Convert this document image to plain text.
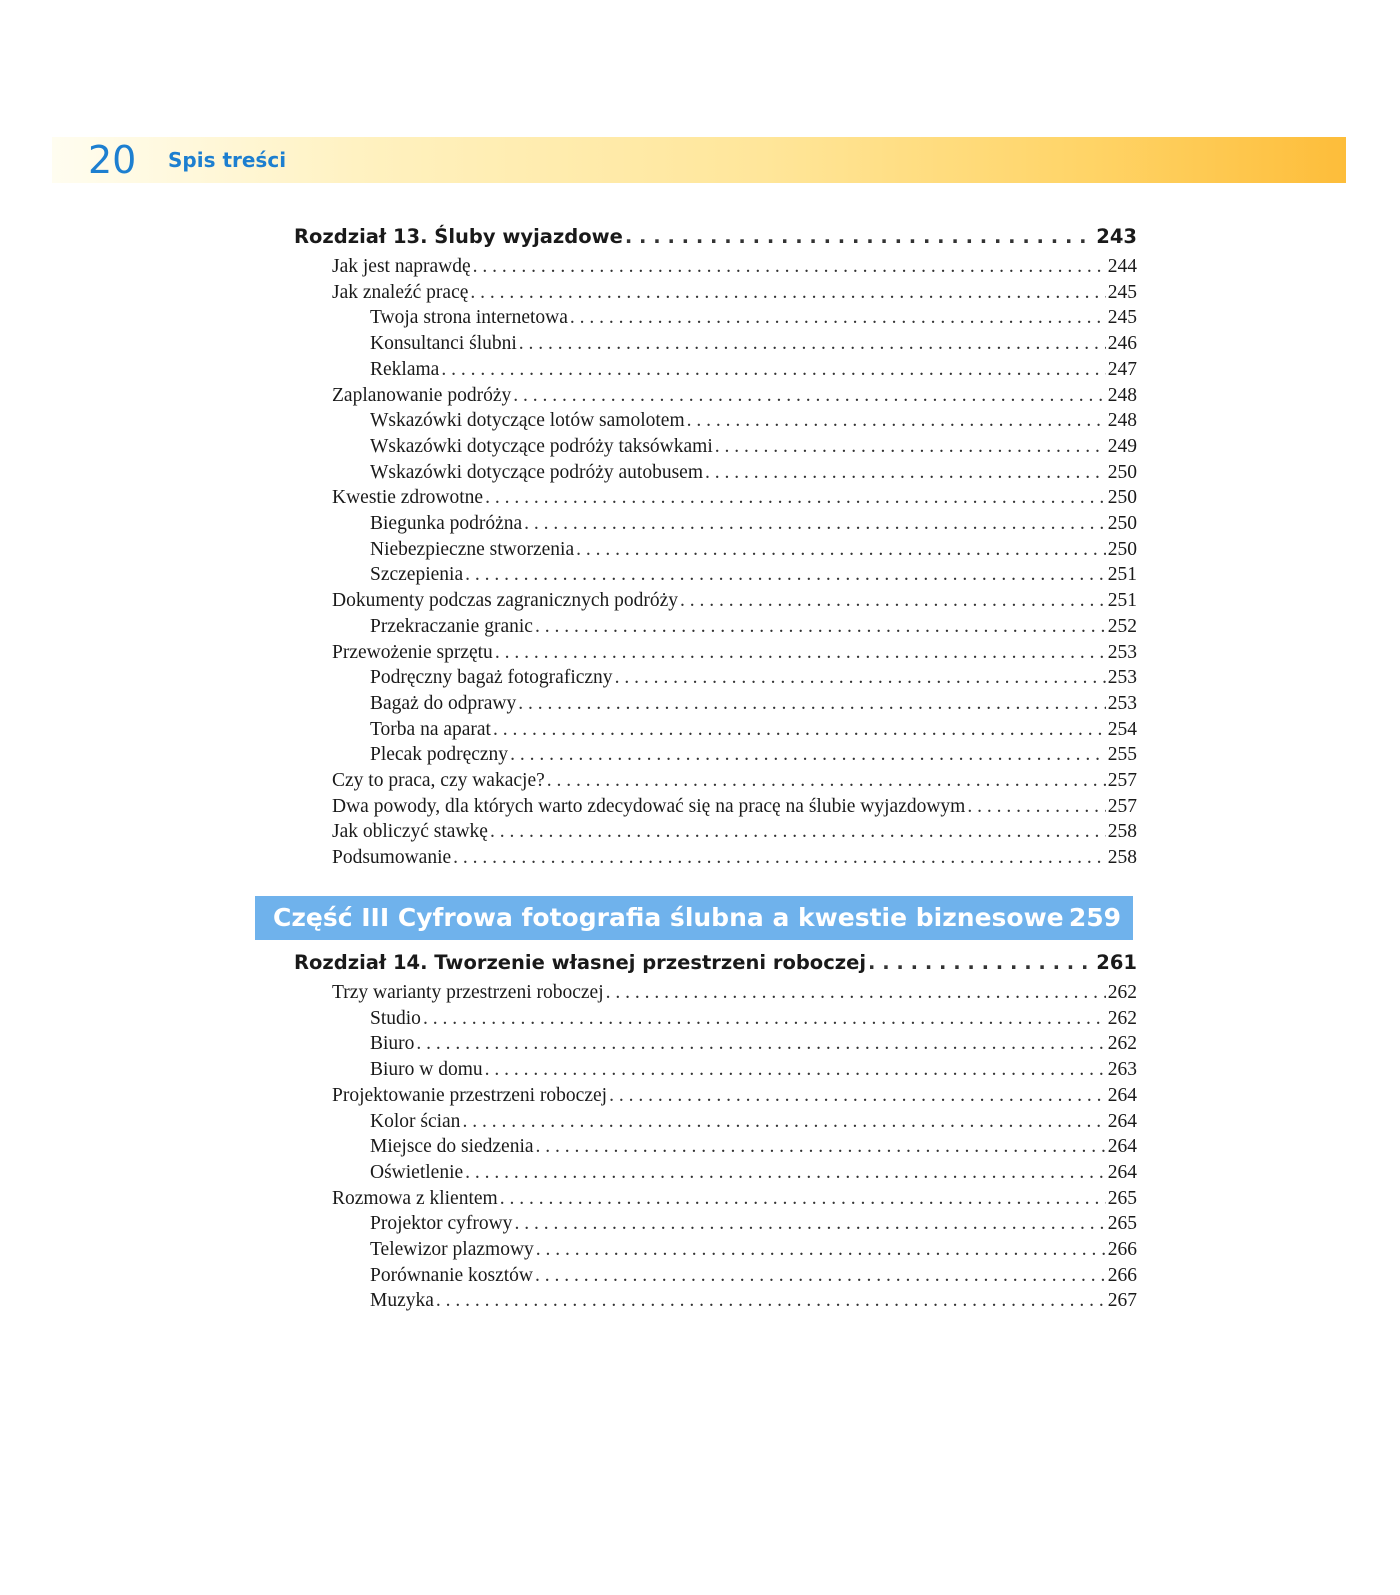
20 Spis treści
Rozdział 13. Śluby wyjazdowe . . .	243
Jak jest naprawdę . . .	244
Jak znaleźć pracę . . .	245
Twoja strona internetowa . . .	245
Konsultanci ślubni . . .	246
Reklama . . .	247
Zaplanowanie podróży . . .	248
Wskazówki dotyczące lotów samolotem . . .	248
Wskazówki dotyczące podróży taksówkami . . .	249
Wskazówki dotyczące podróży autobusem . . .	250
Kwestie zdrowotne . . .	250
Biegunka podróżna . . .	250
Niebezpieczne stworzenia . . .	250
Szczepienia . . .	251
Dokumenty podczas zagranicznych podróży . . .	251
Przekraczanie granic . . .	252
Przewożenie sprzętu . . .	253
Podręczny bagaż fotograficzny . . .	253
Bagaż do odprawy . . .	253
Torba na aparat . . .	254
Plecak podręczny . . .	255
Czy to praca, czy wakacje? . . .	257
Dwa powody, dla których warto zdecydować się na pracę na ślubie wyjazdowym . . .	257
Jak obliczyć stawkę . . .	258
Podsumowanie . . .	258
Część III Cyfrowa fotografia ślubna a kwestie biznesowe 259
Rozdział 14. Tworzenie własnej przestrzeni roboczej . . .	261
Trzy warianty przestrzeni roboczej . . .	262
Studio . . .	262
Biuro . . .	262
Biuro w domu . . .	263
Projektowanie przestrzeni roboczej . . .	264
Kolor ścian . . .	264
Miejsce do siedzenia . . .	264
Oświetlenie . . .	264
Rozmowa z klientem . . .	265
Projektor cyfrowy . . .	265
Telewizor plazmowy . . .	266
Porównanie kosztów . . .	266
Muzyka . . .	267
